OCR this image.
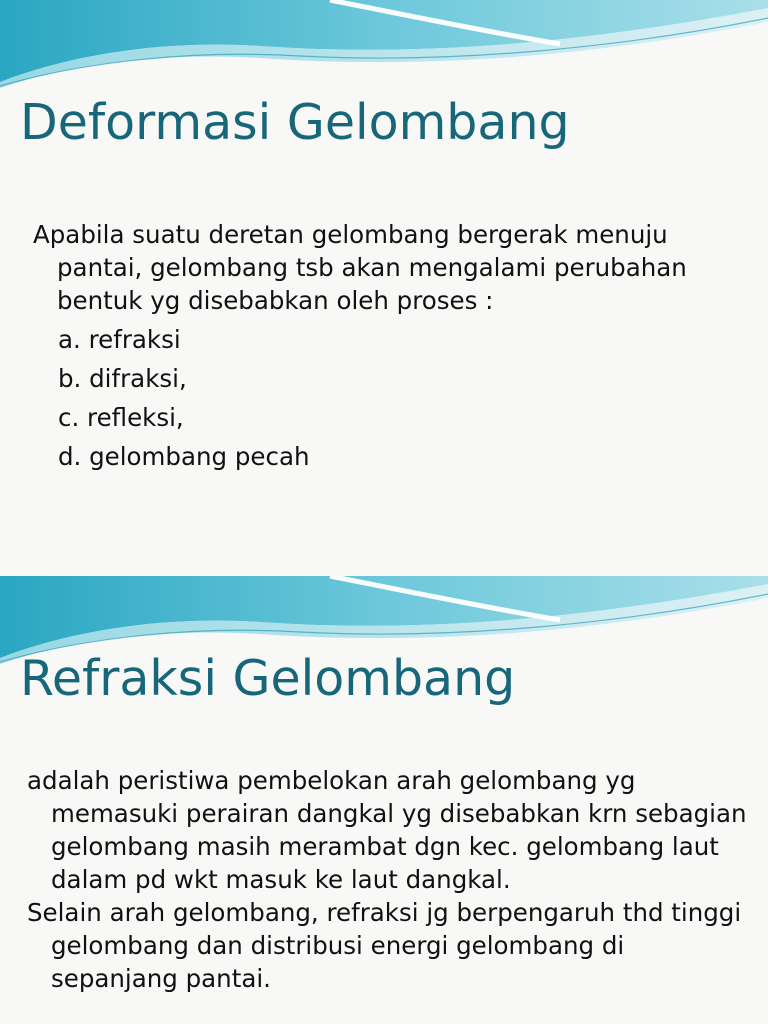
Deformasi Gelombang

Apabila suatu deretan gelombang bergerak menuju pantai, gelombang tsb akan mengalami perubahan bentuk yg disebabkan oleh proses :

a. refraksi
b. difraksi,
c. refleksi,
d. gelombang pecah
Refraksi Gelombang

adalah peristiwa pembelokan arah gelombang yg memasuki perairan dangkal yg disebabkan krn sebagian gelombang masih merambat dgn kec. gelombang laut dalam pd wkt masuk ke laut dangkal.

Selain arah gelombang, refraksi jg berpengaruh thd tinggi gelombang dan distribusi energi gelombang di sepanjang pantai.
